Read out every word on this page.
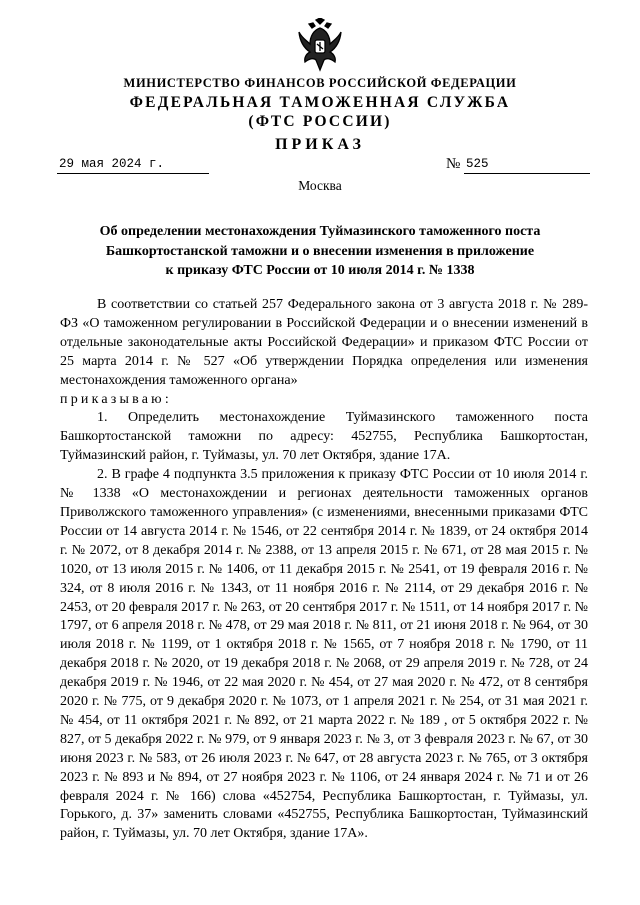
МИНИСТЕРСТВО ФИНАНСОВ РОССИЙСКОЙ ФЕДЕРАЦИИ
ФЕДЕРАЛЬНАЯ ТАМОЖЕННАЯ СЛУЖБА
(ФТС РОССИИ)
ПРИКАЗ
29 мая 2024 г.	№ 525
Москва
Об определении местонахождения Туймазинского таможенного поста
Башкортостанской таможни и о внесении изменения в приложение
к приказу ФТС России от 10 июля 2014 г. № 1338

В соответствии со статьей 257 Федерального закона от 3 августа 2018 г. № 289-ФЗ «О таможенном регулировании в Российской Федерации и о внесении изменений в отдельные законодательные акты Российской Федерации» и приказом ФТС России от 25 марта 2014 г. № 527 «Об утверждении Порядка определения или изменения местонахождения таможенного органа»

приказываю:

1. Определить местонахождение Туймазинского таможенного поста Башкортостанской таможни по адресу: 452755, Республика Башкортостан, Туймазинский район, г. Туймазы, ул. 70 лет Октября, здание 17А.

2. В графе 4 подпункта 3.5 приложения к приказу ФТС России от 10 июля 2014 г. № 1338 «О местонахождении и регионах деятельности таможенных органов Приволжского таможенного управления» (с изменениями, внесенными приказами ФТС России от 14 августа 2014 г. № 1546, от 22 сентября 2014 г. № 1839, от 24 октября 2014 г. № 2072, от 8 декабря 2014 г. № 2388, от 13 апреля 2015 г. № 671, от 28 мая 2015 г. № 1020, от 13 июля 2015 г. № 1406, от 11 декабря 2015 г. № 2541, от 19 февраля 2016 г. № 324, от 8 июля 2016 г. № 1343, от 11 ноября 2016 г. № 2114, от 29 декабря 2016 г. № 2453, от 20 февраля 2017 г. № 263, от 20 сентября 2017 г. № 1511, от 14 ноября 2017 г. № 1797, от 6 апреля 2018 г. № 478, от 29 мая 2018 г. № 811, от 21 июня 2018 г. № 964, от 30 июля 2018 г. № 1199, от 1 октября 2018 г. № 1565, от 7 ноября 2018 г. № 1790, от 11 декабря 2018 г. № 2020, от 19 декабря 2018 г. № 2068, от 29 апреля 2019 г. № 728, от 24 декабря 2019 г. № 1946, от 22 мая 2020 г. № 454, от 27 мая 2020 г. № 472, от 8 сентября 2020 г. № 775, от 9 декабря 2020 г. № 1073, от 1 апреля 2021 г. № 254, от 31 мая 2021 г. № 454, от 11 октября 2021 г. № 892, от 21 марта 2022 г. № 189 , от 5 октября 2022 г. № 827, от 5 декабря 2022 г. № 979, от 9 января 2023 г. № 3, от 3 февраля 2023 г. № 67, от 30 июня 2023 г. № 583, от 26 июля 2023 г. № 647, от 28 августа 2023 г. № 765, от 3 октября 2023 г. № 893 и № 894, от 27 ноября 2023 г. № 1106, от 24 января 2024 г. № 71 и от 26 февраля 2024 г. № 166) слова «452754, Республика Башкортостан, г. Туймазы, ул. Горького, д. 37» заменить словами «452755, Республика Башкортостан, Туймазинский район, г. Туймазы, ул. 70 лет Октября, здание 17А».
